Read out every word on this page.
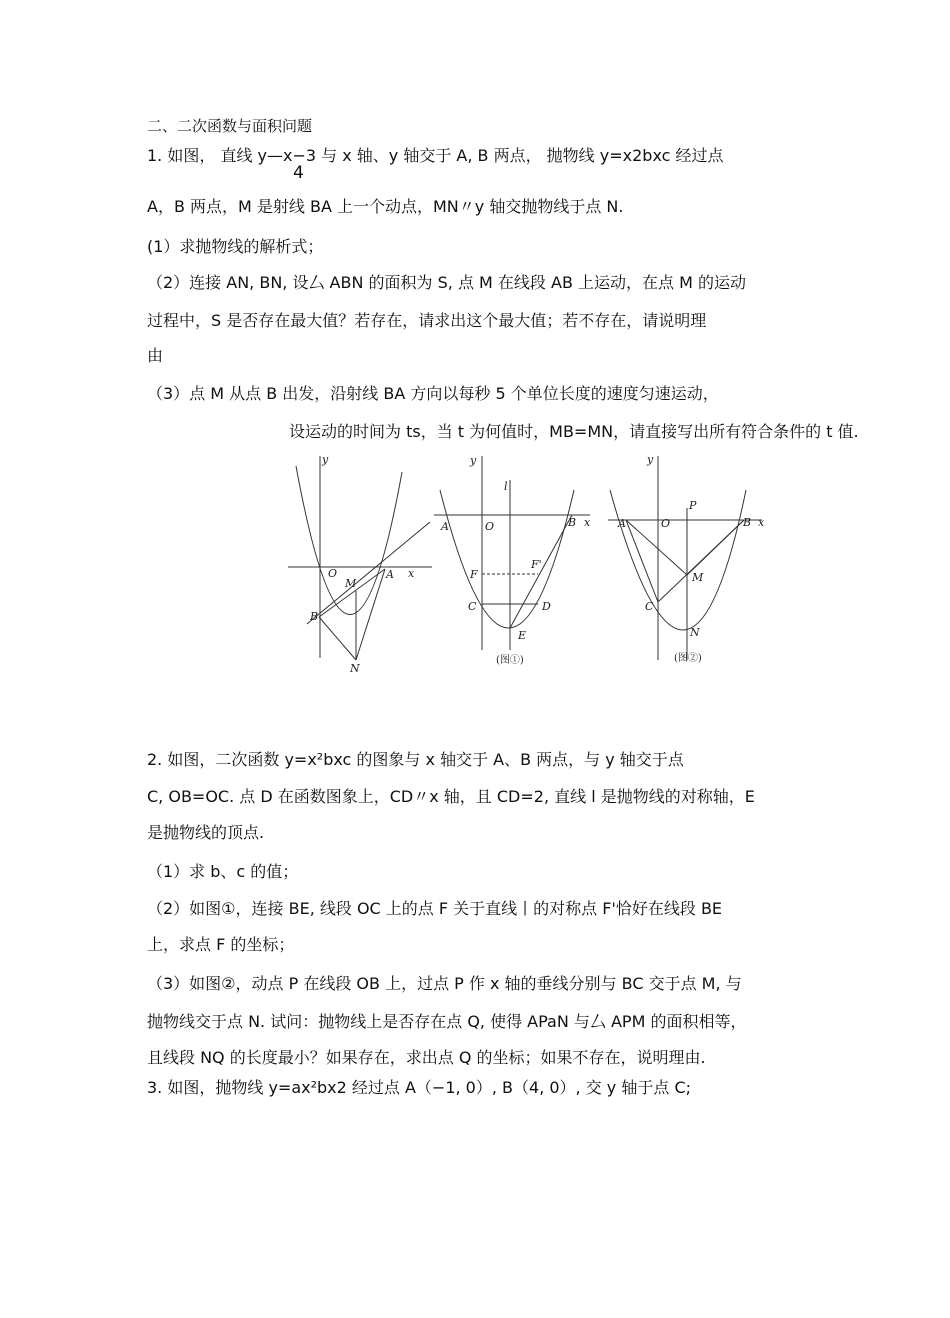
二、二次函数与面积问题
1. 如图， 直线 y—x−3 与 x 轴、y 轴交于 A, B 两点， 抛物线 y=x2bxc 经过点
4
A，B 两点，M 是射线 BA 上一个动点，MN〃y 轴交抛物线于点 N.
(1）求抛物线的解析式；
（2）连接 AN, BN, 设厶 ABN 的面积为 S, 点 M 在线段 AB 上运动，在点 M 的运动
过程中，S 是否存在最大值？若存在，请求出这个最大值；若不存在，请说明理
由
（3）点 M 从点 B 出发，沿射线 BA 方向以每秒 5 个单位长度的速度匀速运动，
设运动的时间为 ts，当 t 为何值时，MB=MN，请直接写出所有符合条件的 t 值.
y
x
O	A
B
M
N
y
x
l
A	O	B
F
F'
C	D
E
(图①)
y
x
P
A	O	B
M
C
N
(图②)
2. 如图，二次函数 y=x²bxc 的图象与 x 轴交于 A、B 两点，与 y 轴交于点
C, OB=OC. 点 D 在函数图象上，CD〃x 轴，且 CD=2, 直线 l 是抛物线的对称轴，E
是抛物线的顶点.
（1）求 b、c 的值；
（2）如图①，连接 BE, 线段 OC 上的点 F 关于直线丨的对称点 F'恰好在线段 BE
上，求点 F 的坐标；
（3）如图②，动点 P 在线段 OB 上，过点 P 作 x 轴的垂线分别与 BC 交于点 M, 与
抛物线交于点 N. 试问：抛物线上是否存在点 Q, 使得 APaN 与厶 APM 的面积相等，
且线段 NQ 的长度最小？如果存在，求出点 Q 的坐标；如果不存在，说明理由.
3. 如图，抛物线 y=ax²bx2 经过点 A（−1, 0）, B（4, 0）, 交 y 轴于点 C;
